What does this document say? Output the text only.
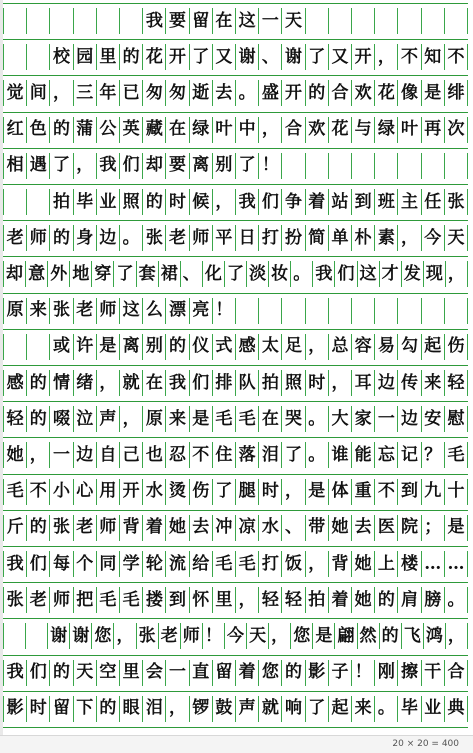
我 要 留 在 这 一 天
校 园 里 的 花 开 了 又 谢 、 谢 了 又 开 ， 不 知 不
觉 间 ， 三 年 已 匆 匆 逝 去 。 盛 开 的 合 欢 花 像 是 绯
红 色 的 蒲 公 英 藏 在 绿 叶 中 ， 合 欢 花 与 绿 叶 再 次
相 遇 了 ， 我 们 却 要 离 别 了 ！
拍 毕 业 照 的 时 候 ， 我 们 争 着 站 到 班 主 任 张
老 师 的 身 边 。 张 老 师 平 日 打 扮 简 单 朴 素 ， 今 天
却 意 外 地 穿 了 套 裙 、 化 了 淡 妆 。 我 们 这 才 发 现 ，
原 来 张 老 师 这 么 漂 亮 ！
或 许 是 离 别 的 仪 式 感 太 足 ， 总 容 易 勾 起 伤
感 的 情 绪 ， 就 在 我 们 排 队 拍 照 时 ， 耳 边 传 来 轻
轻 的 啜 泣 声 ， 原 来 是 毛 毛 在 哭 。 大 家 一 边 安 慰
她 ， 一 边 自 己 也 忍 不 住 落 泪 了 。 谁 能 忘 记 ？ 毛
毛 不 小 心 用 开 水 烫 伤 了 腿 时 ， 是 体 重 不 到 九 十
斤 的 张 老 师 背 着 她 去 冲 凉 水 、 带 她 去 医 院 ； 是
我 们 每 个 同 学 轮 流 给 毛 毛 打 饭 ， 背 她 上 楼 … …
张 老 师 把 毛 毛 搂 到 怀 里 ， 轻 轻 拍 着 她 的 肩 膀 。
谢 谢 您 ， 张 老 师 ！ 今 天 ， 您 是 翩 然 的 飞 鸿 ，
我 们 的 天 空 里 会 一 直 留 着 您 的 影 子 ！ 刚 擦 干 合
影 时 留 下 的 眼 泪 ， 锣 鼓 声 就 响 了 起 来 。 毕 业 典
20 × 20 = 400
